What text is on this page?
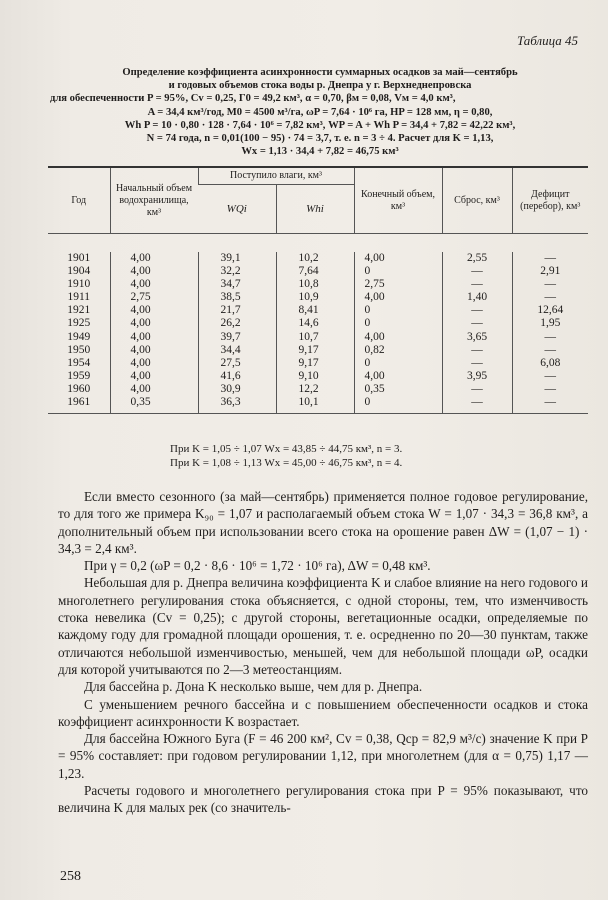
Таблица 45
Определение коэффициента асинхронности суммарных осадков за май—сентябрь
и годовых объемов стока воды р. Днепра у г. Верхнеднепровска
для обеспеченности P = 95%, Cv = 0,25, Г0 = 49,2 км³, α = 0,70, βм = 0,08, Vм = 4,0 км³,
A = 34,4 км³/год, M0 = 4500 м³/га, ωP = 7,64 · 10⁶ га, HP = 128 мм, η = 0,80,
Wh P = 10 · 0,80 · 128 · 7,64 · 10⁶ = 7,82 км³, WP = A + Wh P = 34,4 + 7,82 = 42,22 км³,
N = 74 года, n = 0,01(100 − 95) · 74 = 3,7, т. е. n = 3 ÷ 4. Расчет для K = 1,13,
Wx = 1,13 · 34,4 + 7,82 = 46,75 км³
Год	Начальный объем водохранилища, км³	Поступило влаги, км³		Конечный объем, км³	Сброс, км³	Дефицит (перебор), км³
		WQi	Whi			

1901	4,00	39,1	10,2	4,00	2,55	—
1904	4,00	32,2	7,64	0	—	2,91
1910	4,00	34,7	10,8	2,75	—	—
1911	2,75	38,5	10,9	4,00	1,40	—
1921	4,00	21,7	8,41	0	—	12,64
1925	4,00	26,2	14,6	0	—	1,95
1949	4,00	39,7	10,7	4,00	3,65	—
1950	4,00	34,4	9,17	0,82	—	—
1954	4,00	27,5	9,17	0	—	6,08
1959	4,00	41,6	9,10	4,00	3,95	—
1960	4,00	30,9	12,2	0,35	—	—
1961	0,35	36,3	10,1	0	—	—
При K = 1,05 ÷ 1,07 Wx = 43,85 ÷ 44,75 км³, n = 3.
При K = 1,08 ÷ 1,13 Wx = 45,00 ÷ 46,75 км³, n = 4.

Если вместо сезонного (за май—сентябрь) применяется полное годовое регулирование, то для того же примера K₉₀ = 1,07 и располагаемый объем стока W = 1,07 · 34,3 = 36,8 км³, а дополнительный объем при использовании всего стока на орошение равен ΔW = (1,07 − 1) · 34,3 = 2,4 км³.

При γ = 0,2 (ωP = 0,2 · 8,6 · 10⁶ = 1,72 · 10⁶ га), ΔW = 0,48 км³.

Небольшая для р. Днепра величина коэффициента K и слабое влияние на него годового и многолетнего регулирования стока объясняется, с одной стороны, тем, что изменчивость стока невелика (Cv = 0,25); с другой стороны, вегетационные осадки, определяемые по каждому году для громадной площади орошения, т. е. осредненно по 20—30 пунктам, также отличаются небольшой изменчивостью, меньшей, чем для небольшой площади ωP, осадки для которой учитываются по 2—3 метеостанциям.

Для бассейна р. Дона K несколько выше, чем для р. Днепра.

С уменьшением речного бассейна и с повышением обеспеченности осадков и стока коэффициент асинхронности K возрастает.

Для бассейна Южного Буга (F = 46 200 км², Cv = 0,38, Qср = 82,9 м³/с) значение K при P = 95% составляет: при годовом регулировании 1,12, при многолетнем (для α = 0,75) 1,17 — 1,23.

Расчеты годового и многолетнего регулирования стока при P = 95% показывают, что величина K для малых рек (со значитель-

258
